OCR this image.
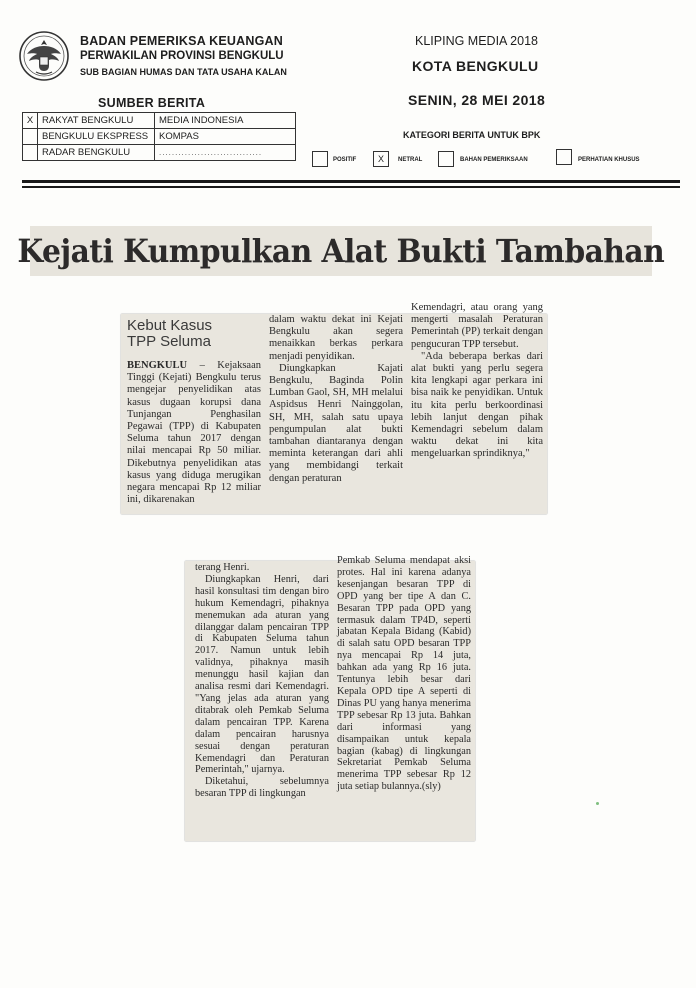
BADAN PEMERIKSA KEUANGAN
PERWAKILAN PROVINSI BENGKULU
SUB BAGIAN HUMAS DAN TATA USAHA KALAN
KLIPING MEDIA 2018
KOTA BENGKULU
SENIN, 28 MEI 2018
SUMBER BERITA
X	RAKYAT BENGKULU	MEDIA INDONESIA
	BENGKULU EKSPRESS	KOMPAS
	RADAR BENGKULU	................................
KATEGORI BERITA UNTUK BPK
POSITIF	X	NETRAL	BAHAN PEMERIKSAAN	PERHATIAN KHUSUS
Kejati Kumpulkan Alat Bukti Tambahan
Kebut Kasus
TPP Seluma
BENGKULU – Kejaksaan Tinggi (Kejati) Bengkulu terus mengejar penyelidikan atas kasus dugaan korupsi dana Tunjangan Penghasilan Pegawai (TPP) di Kabupaten Seluma tahun 2017 dengan nilai mencapai Rp 50 miliar. Dikebutnya penyelidikan atas kasus yang diduga merugikan negara mencapai Rp 12 miliar ini, dikarenakan

dalam waktu dekat ini Kejati Bengkulu akan segera menaikkan berkas perkara menjadi penyidikan.

Diungkapkan Kajati Bengkulu, Baginda Polin Lumban Gaol, SH, MH melalui Aspidsus Henri Nainggolan, SH, MH, salah satu upaya pengumpulan alat bukti tambahan diantaranya dengan meminta keterangan dari ahli yang membidangi terkait dengan peraturan

Kemendagri, atau orang yang mengerti masalah Peraturan Pemerintah (PP) terkait dengan pengucuran TPP tersebut.

"Ada beberapa berkas dari alat bukti yang perlu segera kita lengkapi agar perkara ini bisa naik ke penyidikan. Untuk itu kita perlu berkoordinasi lebih lanjut dengan pihak Kemendagri sebelum dalam waktu dekat ini kita mengeluarkan sprindiknya,"

terang Henri.

Diungkapkan Henri, dari hasil konsultasi tim dengan biro hukum Kemendagri, pihaknya menemukan ada aturan yang dilanggar dalam pencairan TPP di Kabupaten Seluma tahun 2017. Namun untuk lebih validnya, pihaknya masih menunggu hasil kajian dan analisa resmi dari Kemendagri. "Yang jelas ada aturan yang ditabrak oleh Pemkab Seluma dalam pencairan TPP. Karena dalam pencairan harusnya sesuai dengan peraturan Kemendagri dan Peraturan Pemerintah," ujarnya.

Diketahui, sebelumnya besaran TPP di lingkungan

Pemkab Seluma mendapat aksi protes. Hal ini karena adanya kesenjangan besaran TPP di OPD yang ber tipe A dan C. Besaran TPP pada OPD yang termasuk dalam TP4D, seperti jabatan Kepala Bidang (Kabid) di salah satu OPD besaran TPP nya mencapai Rp 14 juta, bahkan ada yang Rp 16 juta. Tentunya lebih besar dari Kepala OPD tipe A seperti di Dinas PU yang hanya menerima TPP sebesar Rp 13 juta. Bahkan dari informasi yang disampaikan untuk kepala bagian (kabag) di lingkungan Sekretariat Pemkab Seluma menerima TPP sebesar Rp 12 juta setiap bulannya.(sly)
